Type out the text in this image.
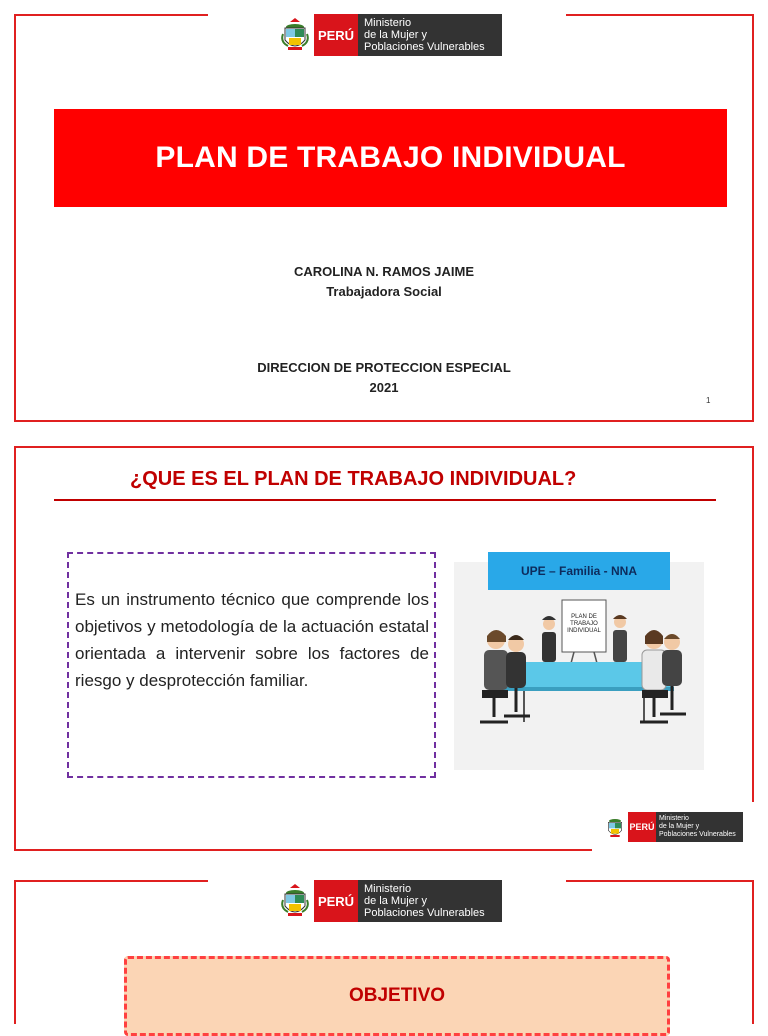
PERÚ
Ministerio
de la Mujer y
Poblaciones Vulnerables
PLAN DE TRABAJO INDIVIDUAL
CAROLINA N. RAMOS JAIME
Trabajadora Social
DIRECCION DE PROTECCION ESPECIAL
2021
1
¿QUE ES EL PLAN DE TRABAJO INDIVIDUAL?
Es un instrumento técnico que comprende los objetivos y metodología de la actuación estatal orientada a intervenir sobre los factores de riesgo y desprotección familiar.
UPE – Familia - NNA
PLAN DE
TRABAJO
INDIVIDUAL
PERÚ
Ministerio
de la Mujer y
Poblaciones Vulnerables
PERÚ
Ministerio
de la Mujer y
Poblaciones Vulnerables
OBJETIVO
